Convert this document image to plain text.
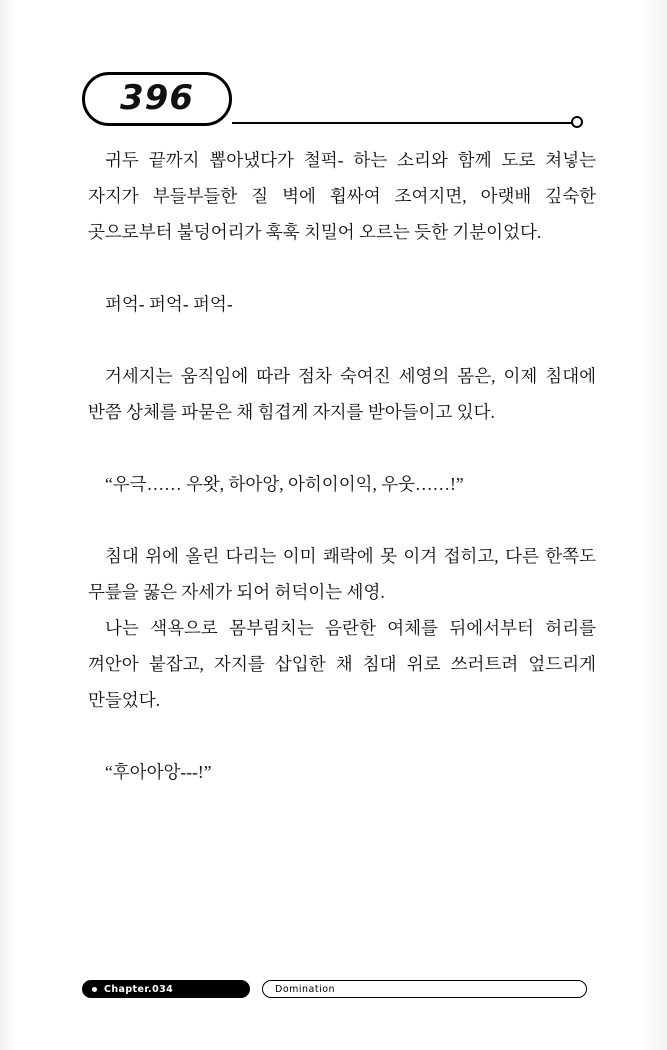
396

귀두 끝까지 뽑아냈다가 철퍽- 하는 소리와 함께 도로 쳐넣는 자지가 부들부들한 질 벽에 휩싸여 조여지면, 아랫배 깊숙한 곳으로부터 불덩어리가 훅훅 치밀어 오르는 듯한 기분이었다.

퍼억- 퍼억- 퍼억-

거세지는 움직임에 따라 점차 숙여진 세영의 몸은, 이제 침대에 반쯤 상체를 파묻은 채 힘겹게 자지를 받아들이고 있다.

“우극…… 우왓, 하아앙, 아히이이익, 우웃……!”

침대 위에 올린 다리는 이미 쾌락에 못 이겨 접히고, 다른 한쪽도 무릎을 꿇은 자세가 되어 허덕이는 세영.

나는 색욕으로 몸부림치는 음란한 여체를 뒤에서부터 허리를 껴안아 붙잡고, 자지를 삽입한 채 침대 위로 쓰러트려 엎드리게 만들었다.

“후아아앙---!”

Chapter.034	Domination
